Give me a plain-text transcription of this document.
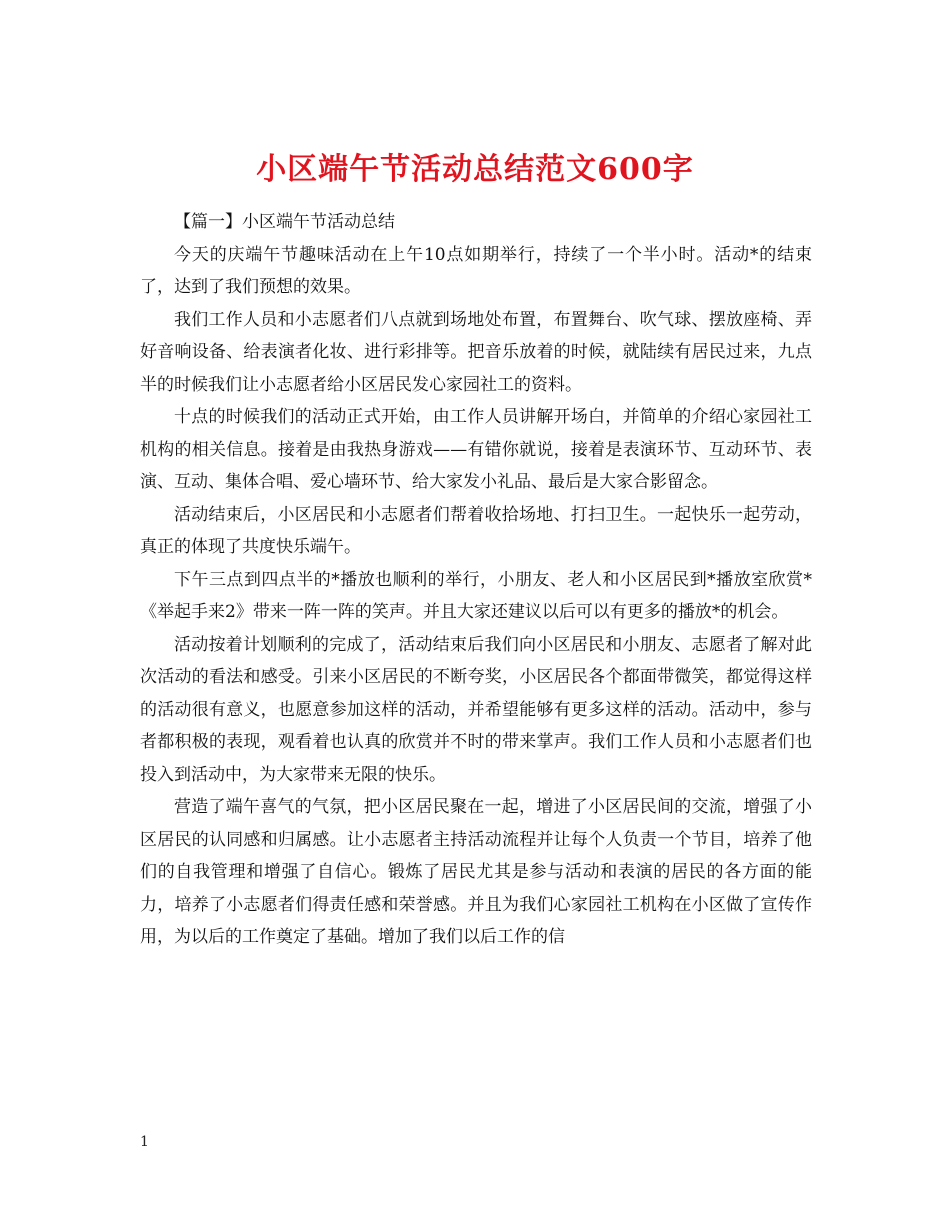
小区端午节活动总结范文600字

【篇一】小区端午节活动总结

今天的庆端午节趣味活动在上午10点如期举行，持续了一个半小时。活动*的结束了，达到了我们预想的效果。

我们工作人员和小志愿者们八点就到场地处布置，布置舞台、吹气球、摆放座椅、弄好音响设备、给表演者化妆、进行彩排等。把音乐放着的时候，就陆续有居民过来，九点半的时候我们让小志愿者给小区居民发心家园社工的资料。

十点的时候我们的活动正式开始，由工作人员讲解开场白，并简单的介绍心家园社工机构的相关信息。接着是由我热身游戏——有错你就说，接着是表演环节、互动环节、表演、互动、集体合唱、爱心墙环节、给大家发小礼品、最后是大家合影留念。

活动结束后，小区居民和小志愿者们帮着收拾场地、打扫卫生。一起快乐一起劳动，真正的体现了共度快乐端午。

下午三点到四点半的*播放也顺利的举行，小朋友、老人和小区居民到*播放室欣赏*《举起手来2》带来一阵一阵的笑声。并且大家还建议以后可以有更多的播放*的机会。

活动按着计划顺利的完成了，活动结束后我们向小区居民和小朋友、志愿者了解对此次活动的看法和感受。引来小区居民的不断夸奖，小区居民各个都面带微笑，都觉得这样的活动很有意义，也愿意参加这样的活动，并希望能够有更多这样的活动。活动中，参与者都积极的表现，观看着也认真的欣赏并不时的带来掌声。我们工作人员和小志愿者们也投入到活动中，为大家带来无限的快乐。

营造了端午喜气的气氛，把小区居民聚在一起，增进了小区居民间的交流，增强了小区居民的认同感和归属感。让小志愿者主持活动流程并让每个人负责一个节目，培养了他们的自我管理和增强了自信心。锻炼了居民尤其是参与活动和表演的居民的各方面的能力，培养了小志愿者们得责任感和荣誉感。并且为我们心家园社工机构在小区做了宣传作用，为以后的工作奠定了基础。增加了我们以后工作的信

1
